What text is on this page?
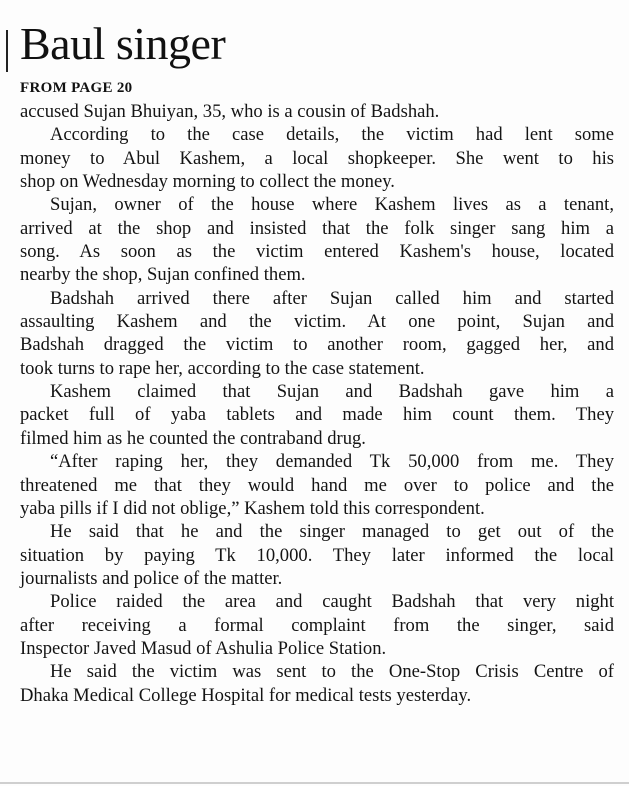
Baul singer
FROM PAGE 20
accused Sujan Bhuiyan, 35, who is a cousin of Badshah.
According to the case details, the victim had lent some
money to Abul Kashem, a local shopkeeper. She went to his
shop on Wednesday morning to collect the money.
Sujan, owner of the house where Kashem lives as a tenant,
arrived at the shop and insisted that the folk singer sang him a
song. As soon as the victim entered Kashem's house, located
nearby the shop, Sujan confined them.
Badshah arrived there after Sujan called him and started
assaulting Kashem and the victim. At one point, Sujan and
Badshah dragged the victim to another room, gagged her, and
took turns to rape her, according to the case statement.
Kashem claimed that Sujan and Badshah gave him a
packet full of yaba tablets and made him count them. They
filmed him as he counted the contraband drug.
“After raping her, they demanded Tk 50,000 from me. They
threatened me that they would hand me over to police and the
yaba pills if I did not oblige,” Kashem told this correspondent.
He said that he and the singer managed to get out of the
situation by paying Tk 10,000. They later informed the local
journalists and police of the matter.
Police raided the area and caught Badshah that very night
after receiving a formal complaint from the singer, said
Inspector Javed Masud of Ashulia Police Station.
He said the victim was sent to the One-Stop Crisis Centre of
Dhaka Medical College Hospital for medical tests yesterday.
